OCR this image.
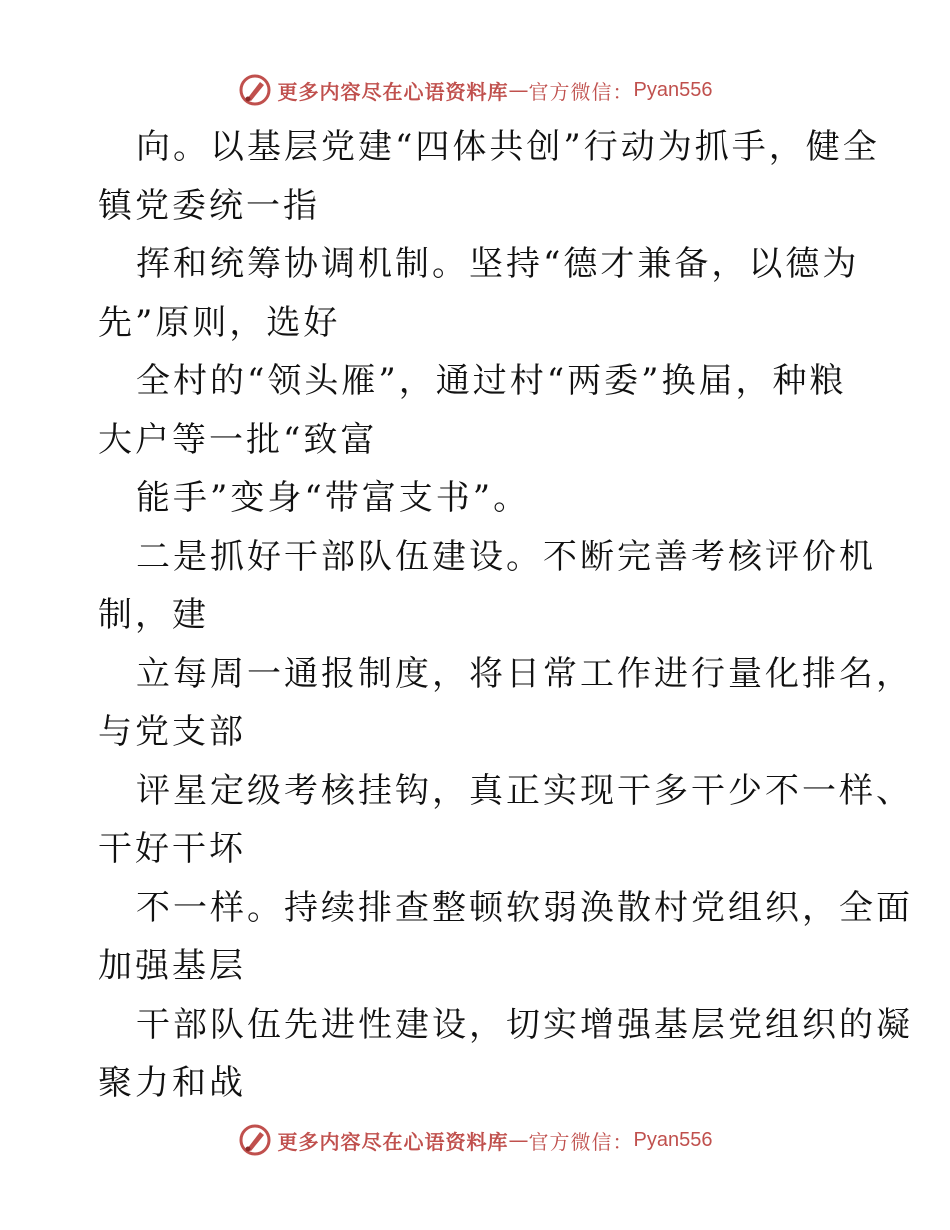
更多内容尽在心语资料库 — 官方微信： Pyan556
向。以基层党建“四体共创”行动为抓手，健全
镇党委统一指
挥和统筹协调机制。坚持“德才兼备，以德为
先”原则，选好
全村的“领头雁”，通过村“两委”换届，种粮
大户等一批“致富
能手”变身“带富支书”。
二是抓好干部队伍建设。不断完善考核评价机
制，建
立每周一通报制度，将日常工作进行量化排名，
与党支部
评星定级考核挂钩，真正实现干多干少不一样、
干好干坏
不一样。持续排查整顿软弱涣散村党组织，全面
加强基层
干部队伍先进性建设，切实增强基层党组织的凝
聚力和战
更多内容尽在心语资料库 — 官方微信： Pyan556
